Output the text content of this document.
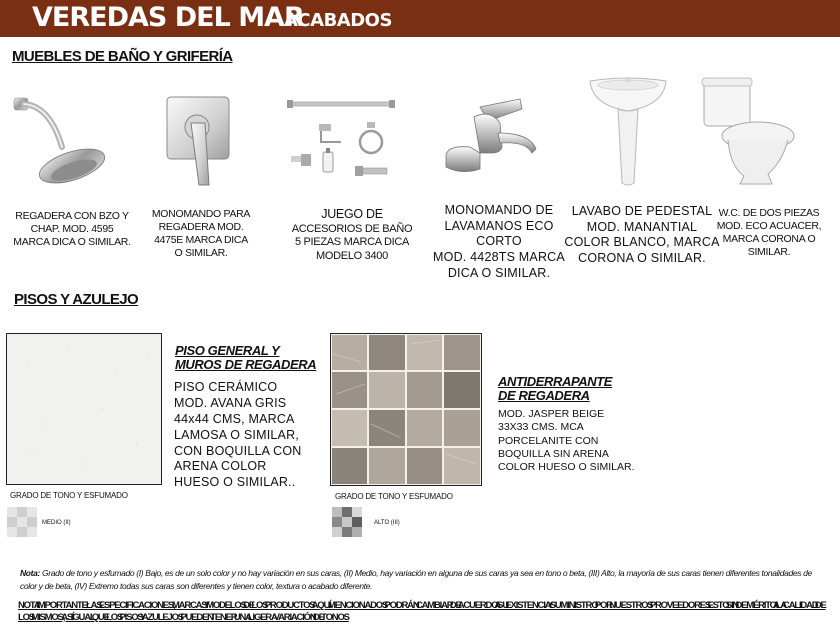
VEREDAS DEL MAR
ACABADOS
MUEBLES DE BAÑO Y GRIFERÍA
REGADERA CON BZO Y
CHAP. MOD. 4595
MARCA DICA O SIMILAR.
MONOMANDO PARA
REGADERA MOD.
4475E MARCA DICA
O SIMILAR.
JUEGO DE
ACCESORIOS DE BAÑO
5 PIEZAS MARCA DICA
MODELO 3400
MONOMANDO DE
LAVAMANOS ECO CORTO
MOD. 4428TS MARCA
DICA O SIMILAR.
LAVABO DE PEDESTAL
MOD. MANANTIAL
COLOR BLANCO, MARCA
CORONA O SIMILAR.
W.C. DE DOS PIEZAS
MOD. ECO ACUACER,
MARCA CORONA O
SIMILAR.
PISOS Y AZULEJO
PISO GENERAL Y
MUROS DE REGADERA
PISO CERÁMICO
MOD. AVANA GRIS
44x44 CMS, MARCA
LAMOSA O SIMILAR,
CON BOQUILLA CON
ARENA COLOR
HUESO O SIMILAR..
GRADO DE TONO Y ESFUMADO
MEDIO (II)
ANTIDERRAPANTE
DE REGADERA
MOD. JASPER BEIGE
33X33 CMS. MCA
PORCELANITE CON
BOQUILLA SIN ARENA
COLOR HUESO O SIMILAR.
GRADO DE TONO Y ESFUMADO
ALTO (III)
Nota: Grado de tono y esfumado (I) Bajo, es de un solo color y no hay variación en sus caras, (II) Medio, hay variación en alguna de sus caras ya sea en tono o beta, (III) Alto, la mayoría de sus caras tienen diferentes tonalidades de color y de beta, (IV) Extremo todas sus caras son diferentes y tienen color, textura o acabado diferente.
NOTA IMPORTANTE: LAS ESPECIFICACIONES, MARCAS Y MODELOS DE LOS PRODUCTOS AQUÍ MENCIONADOS PODRÁN CAMBIAR DE ACUERDO A SU EXISTENCIA Y SUMINISTRO POR NUESTROS PROVEEDORES ESTO SIN DEMÉRITO A LA CALIDAD DE LOS MISMOS, ASÍ IGUAL QUE LOS PISOS Y AZULEJOS PUEDEN TENER UNA LIGERA VARIACIÓN DE TONOS
